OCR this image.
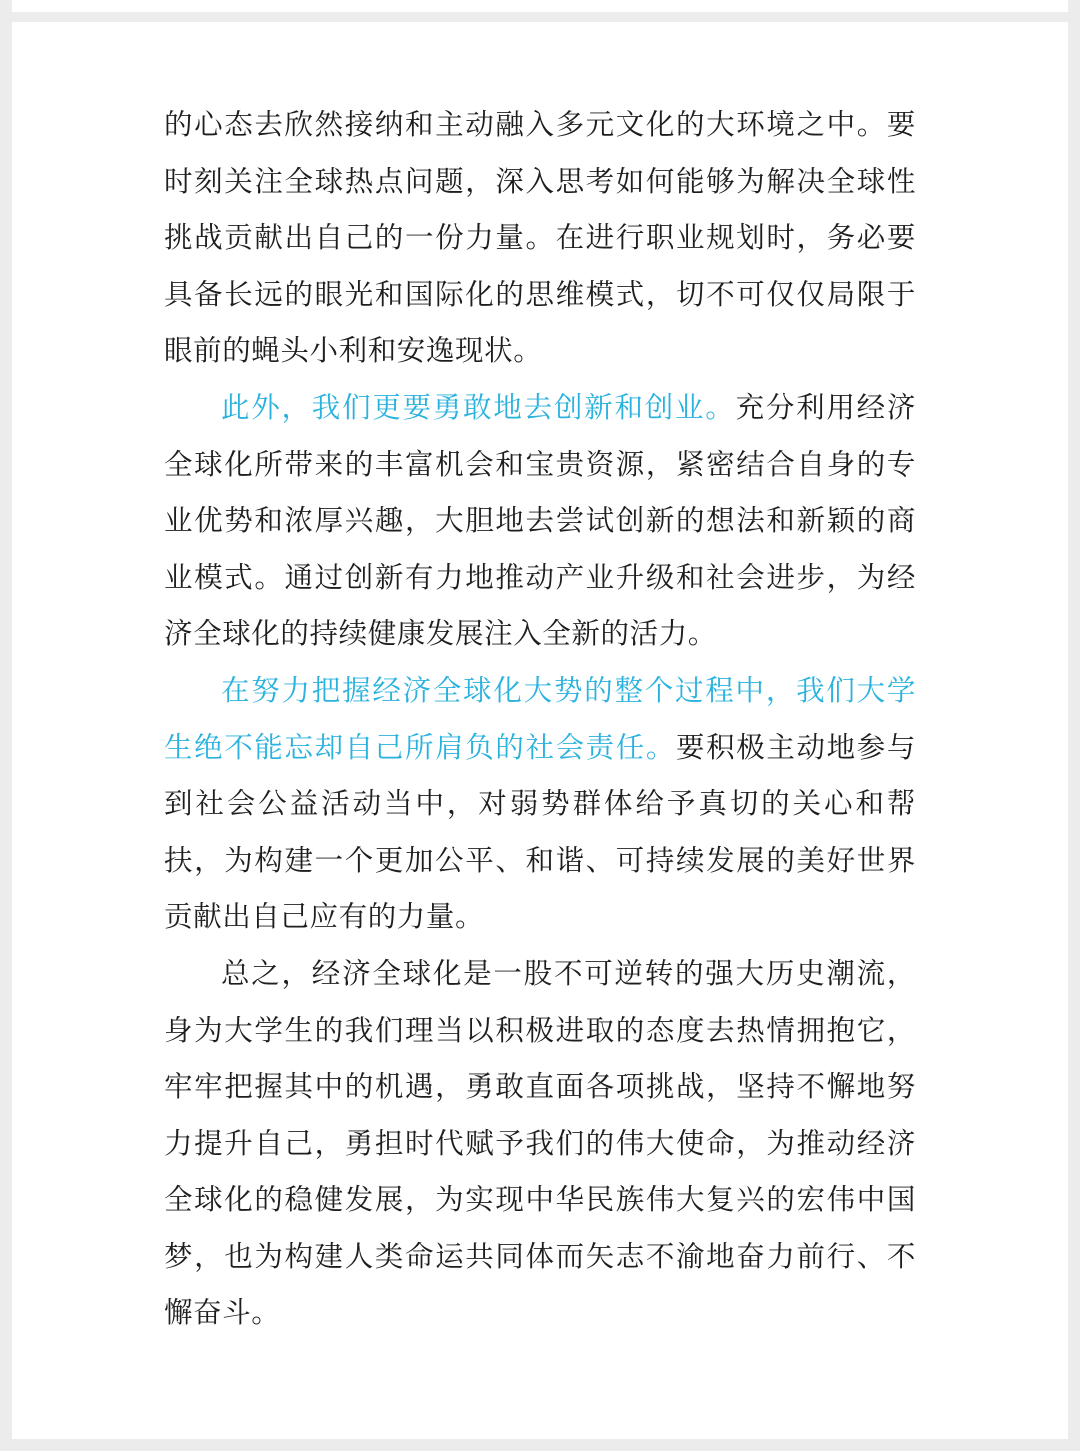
的心态去欣然接纳和主动融入多元文化的大环境之中。要时刻关注全球热点问题，深入思考如何能够为解决全球性挑战贡献出自己的一份力量。在进行职业规划时，务必要具备长远的眼光和国际化的思维模式，切不可仅仅局限于眼前的蝇头小利和安逸现状。

此外，我们更要勇敢地去创新和创业。充分利用经济全球化所带来的丰富机会和宝贵资源，紧密结合自身的专业优势和浓厚兴趣，大胆地去尝试创新的想法和新颖的商业模式。通过创新有力地推动产业升级和社会进步，为经济全球化的持续健康发展注入全新的活力。

在努力把握经济全球化大势的整个过程中，我们大学生绝不能忘却自己所肩负的社会责任。要积极主动地参与到社会公益活动当中，对弱势群体给予真切的关心和帮扶，为构建一个更加公平、和谐、可持续发展的美好世界贡献出自己应有的力量。

总之，经济全球化是一股不可逆转的强大历史潮流，身为大学生的我们理当以积极进取的态度去热情拥抱它，牢牢把握其中的机遇，勇敢直面各项挑战，坚持不懈地努力提升自己，勇担时代赋予我们的伟大使命，为推动经济全球化的稳健发展，为实现中华民族伟大复兴的宏伟中国梦，也为构建人类命运共同体而矢志不渝地奋力前行、不懈奋斗。
